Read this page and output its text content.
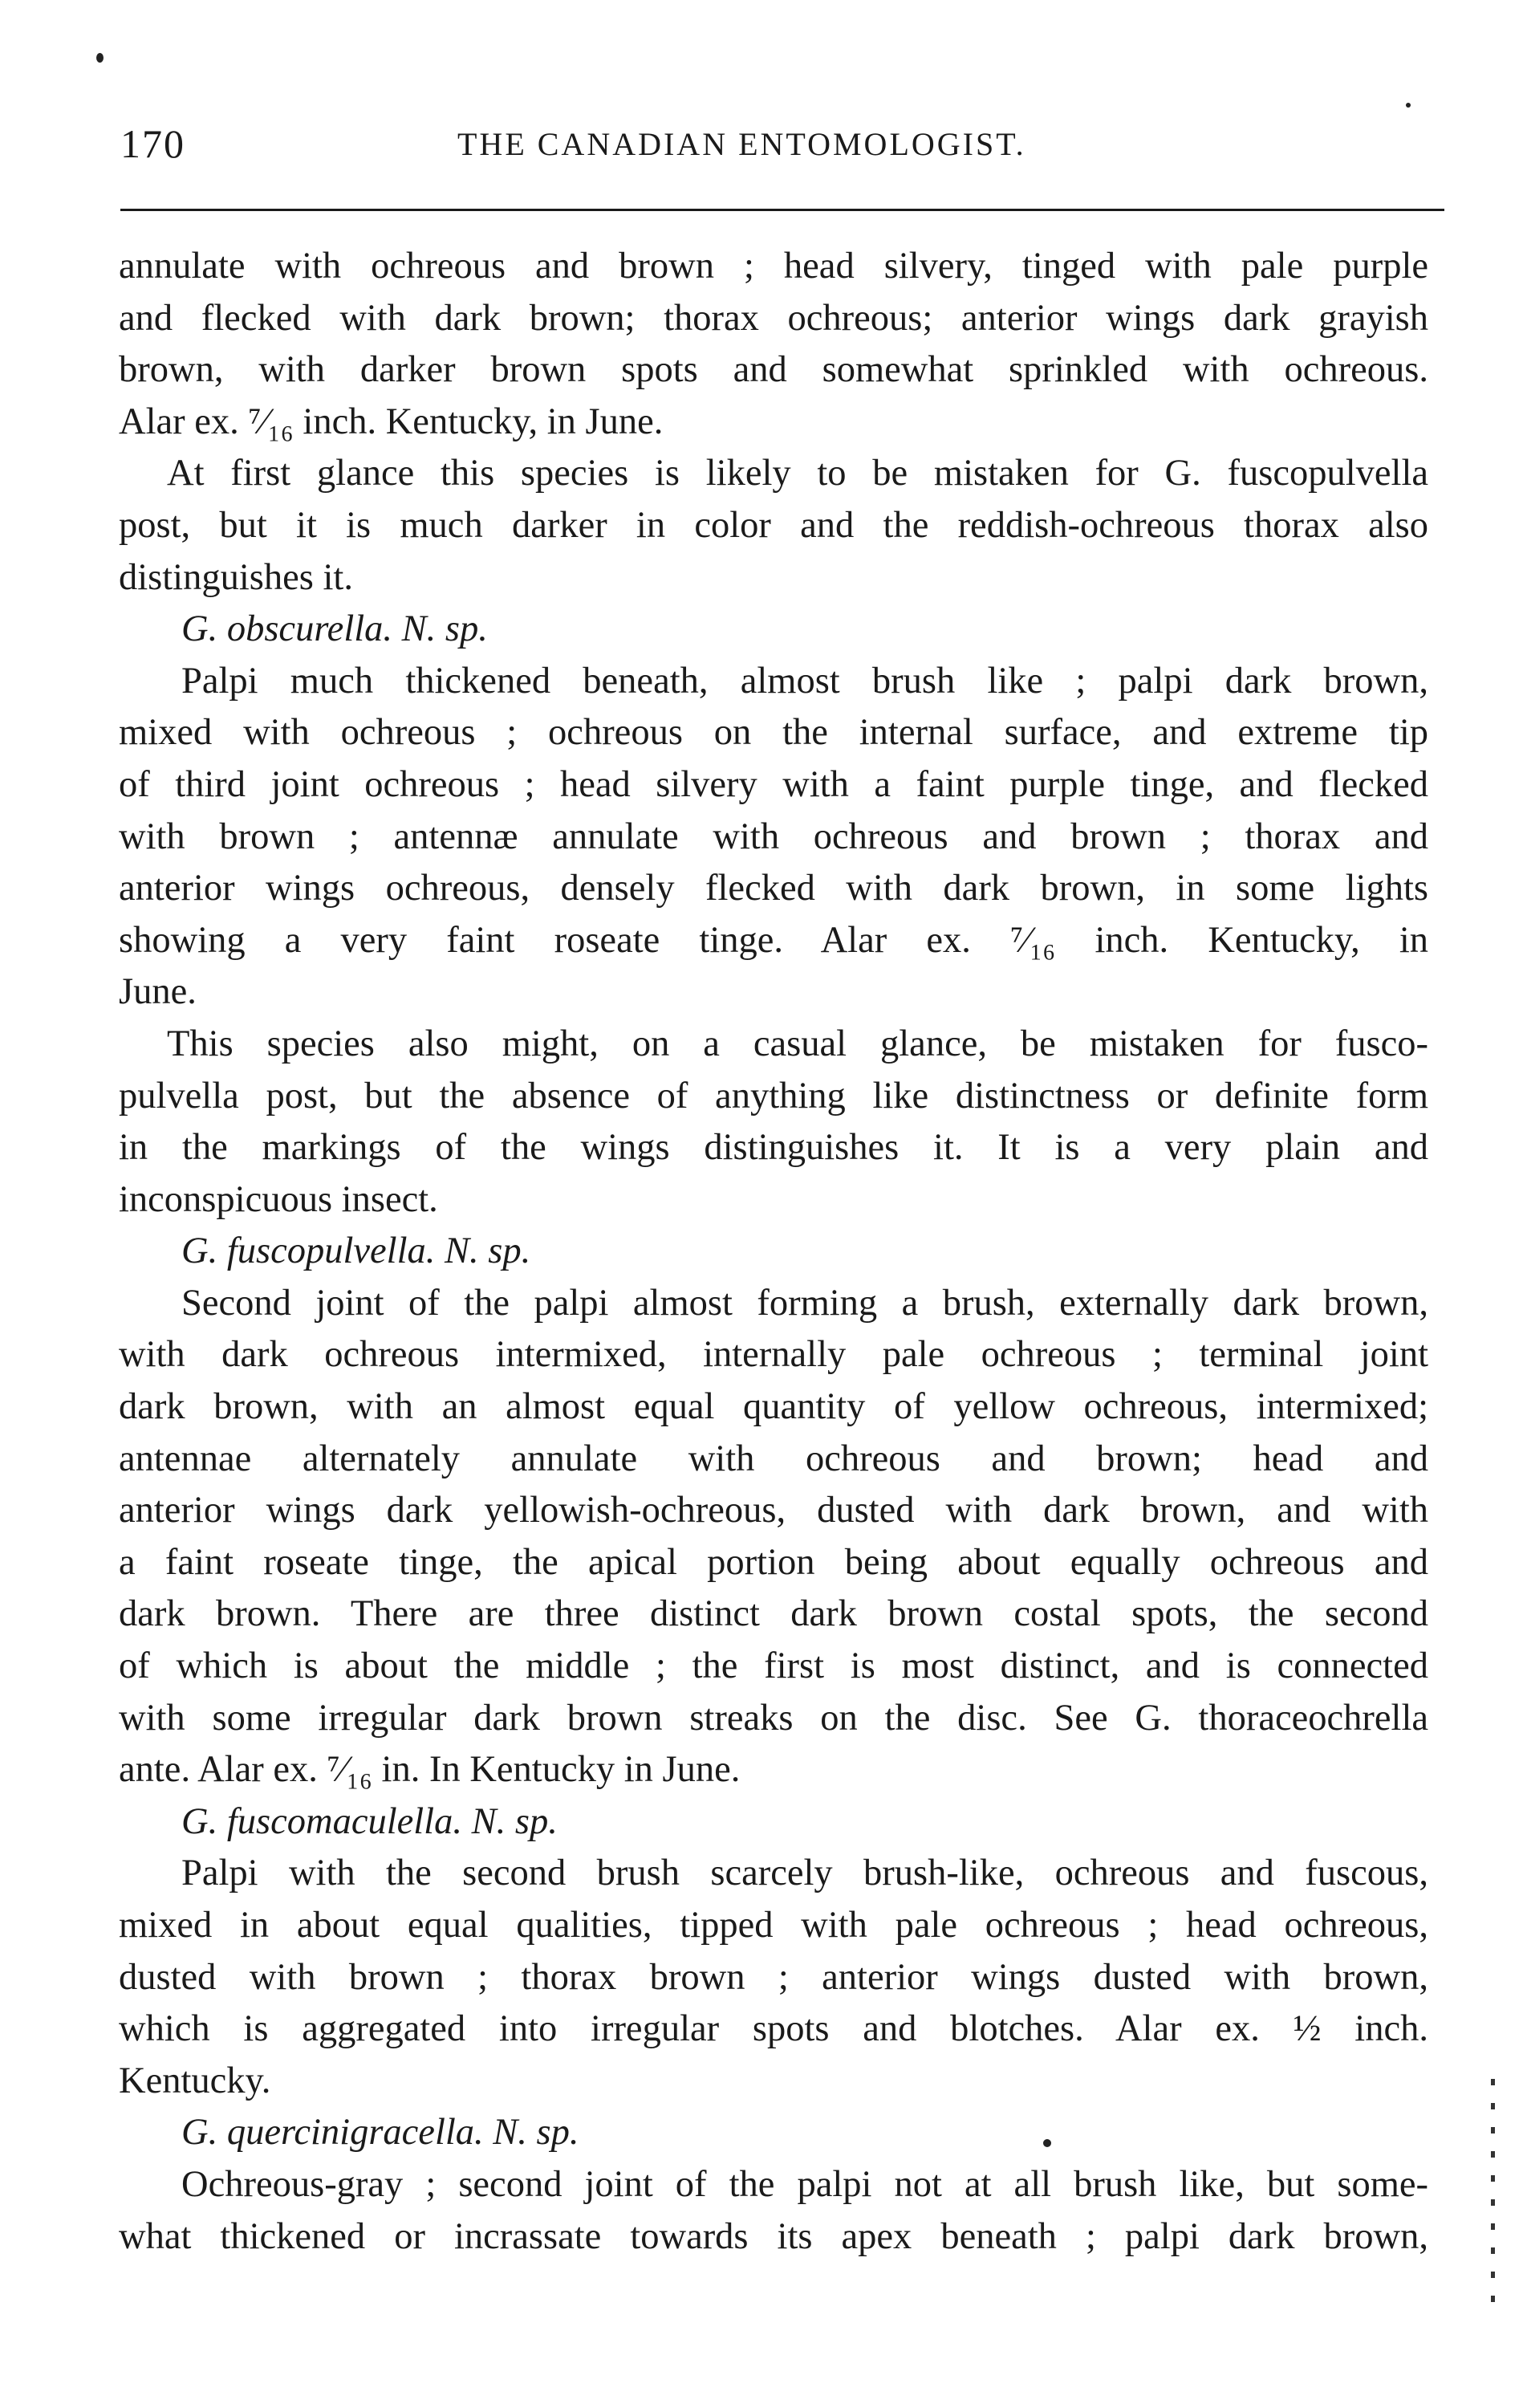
170	THE CANADIAN ENTOMOLOGIST.
annulate with ochreous and brown ; head silvery, tinged with pale purple
and flecked with dark brown; thorax ochreous; anterior wings dark grayish
brown, with darker brown spots and somewhat sprinkled with ochreous.
Alar ex. ⁷⁄₁₆ inch. Kentucky, in June.
At first glance this species is likely to be mistaken for G. fuscopulvella
post, but it is much darker in color and the reddish-ochreous thorax also
distinguishes it.
G. obscurella. N. sp.
Palpi much thickened beneath, almost brush like ; palpi dark brown,
mixed with ochreous ; ochreous on the internal surface, and extreme tip
of third joint ochreous ; head silvery with a faint purple tinge, and flecked
with brown ; antennæ annulate with ochreous and brown ; thorax and
anterior wings ochreous, densely flecked with dark brown, in some lights
showing a very faint roseate tinge. Alar ex. ⁷⁄₁₆ inch. Kentucky, in
June.
This species also might, on a casual glance, be mistaken for fusco-
pulvella post, but the absence of anything like distinctness or definite form
in the markings of the wings distinguishes it. It is a very plain and
inconspicuous insect.
G. fuscopulvella. N. sp.
Second joint of the palpi almost forming a brush, externally dark brown,
with dark ochreous intermixed, internally pale ochreous ; terminal joint
dark brown, with an almost equal quantity of yellow ochreous, intermixed;
antennae alternately annulate with ochreous and brown; head and
anterior wings dark yellowish-ochreous, dusted with dark brown, and with
a faint roseate tinge, the apical portion being about equally ochreous and
dark brown. There are three distinct dark brown costal spots, the second
of which is about the middle ; the first is most distinct, and is connected
with some irregular dark brown streaks on the disc. See G. thoraceochrella
ante. Alar ex. ⁷⁄₁₆ in. In Kentucky in June.
G. fuscomaculella. N. sp.
Palpi with the second brush scarcely brush-like, ochreous and fuscous,
mixed in about equal qualities, tipped with pale ochreous ; head ochreous,
dusted with brown ; thorax brown ; anterior wings dusted with brown,
which is aggregated into irregular spots and blotches. Alar ex. ½ inch.
Kentucky.
G. quercinigracella. N. sp.
Ochreous-gray ; second joint of the palpi not at all brush like, but some-
what thickened or incrassate towards its apex beneath ; palpi dark brown,
